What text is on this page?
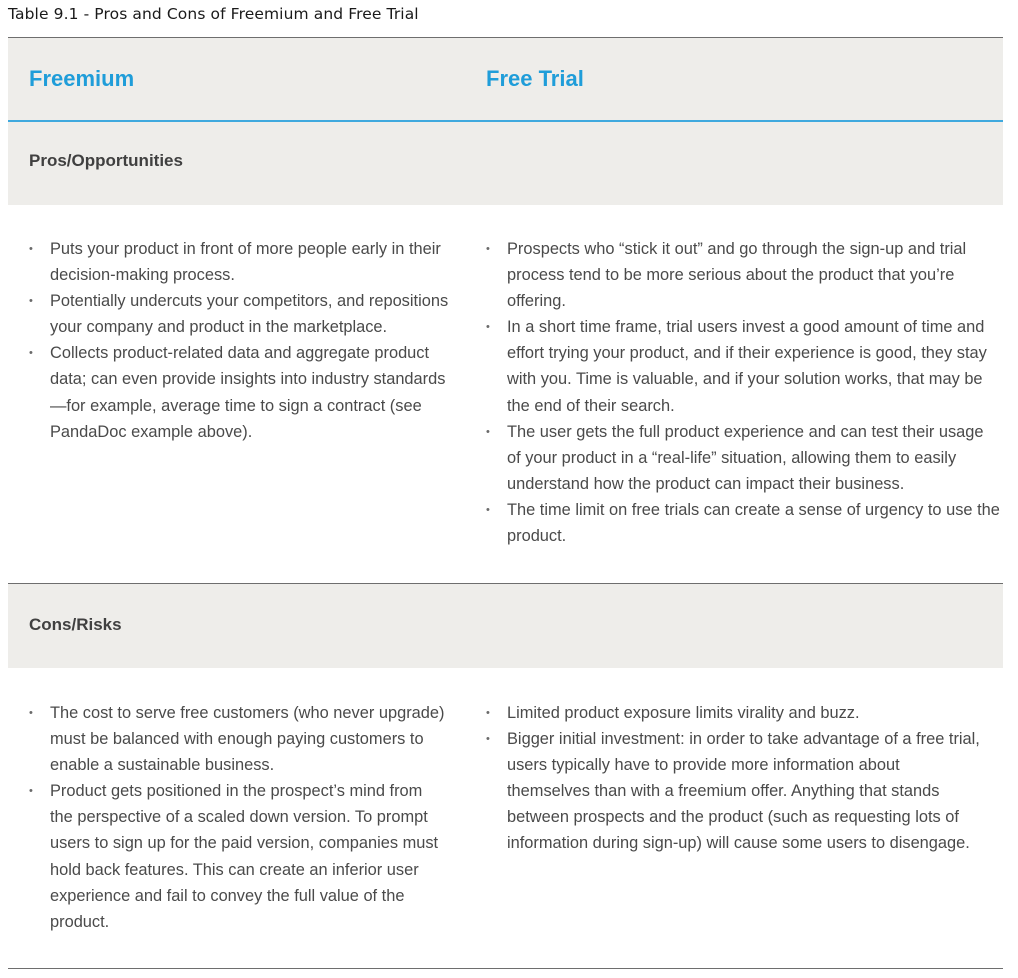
Table 9.1 - Pros and Cons of Freemium and Free Trial
Freemium	Free Trial
Pros/Opportunities
• Puts your product in front of more people early in their decision-making process.
• Potentially undercuts your competitors, and repositions your company and product in the marketplace.
• Collects product-related data and aggregate product data; can even provide insights into industry standards—for example, average time to sign a contract (see PandaDoc example above).
• Prospects who “stick it out” and go through the sign-up and trial process tend to be more serious about the product that you’re offering.
• In a short time frame, trial users invest a good amount of time and effort trying your product, and if their experience is good, they stay with you. Time is valuable, and if your solution works, that may be the end of their search.
• The user gets the full product experience and can test their usage of your product in a “real-life” situation, allowing them to easily understand how the product can impact their business.
• The time limit on free trials can create a sense of urgency to use the product.
Cons/Risks
• The cost to serve free customers (who never upgrade) must be balanced with enough paying customers to enable a sustainable business.
• Product gets positioned in the prospect’s mind from the perspective of a scaled down version. To prompt users to sign up for the paid version, companies must hold back features. This can create an inferior user experience and fail to convey the full value of the product.
• Limited product exposure limits virality and buzz.
• Bigger initial investment: in order to take advantage of a free trial, users typically have to provide more information about themselves than with a freemium offer. Anything that stands between prospects and the product (such as requesting lots of information during sign-up) will cause some users to disengage.
